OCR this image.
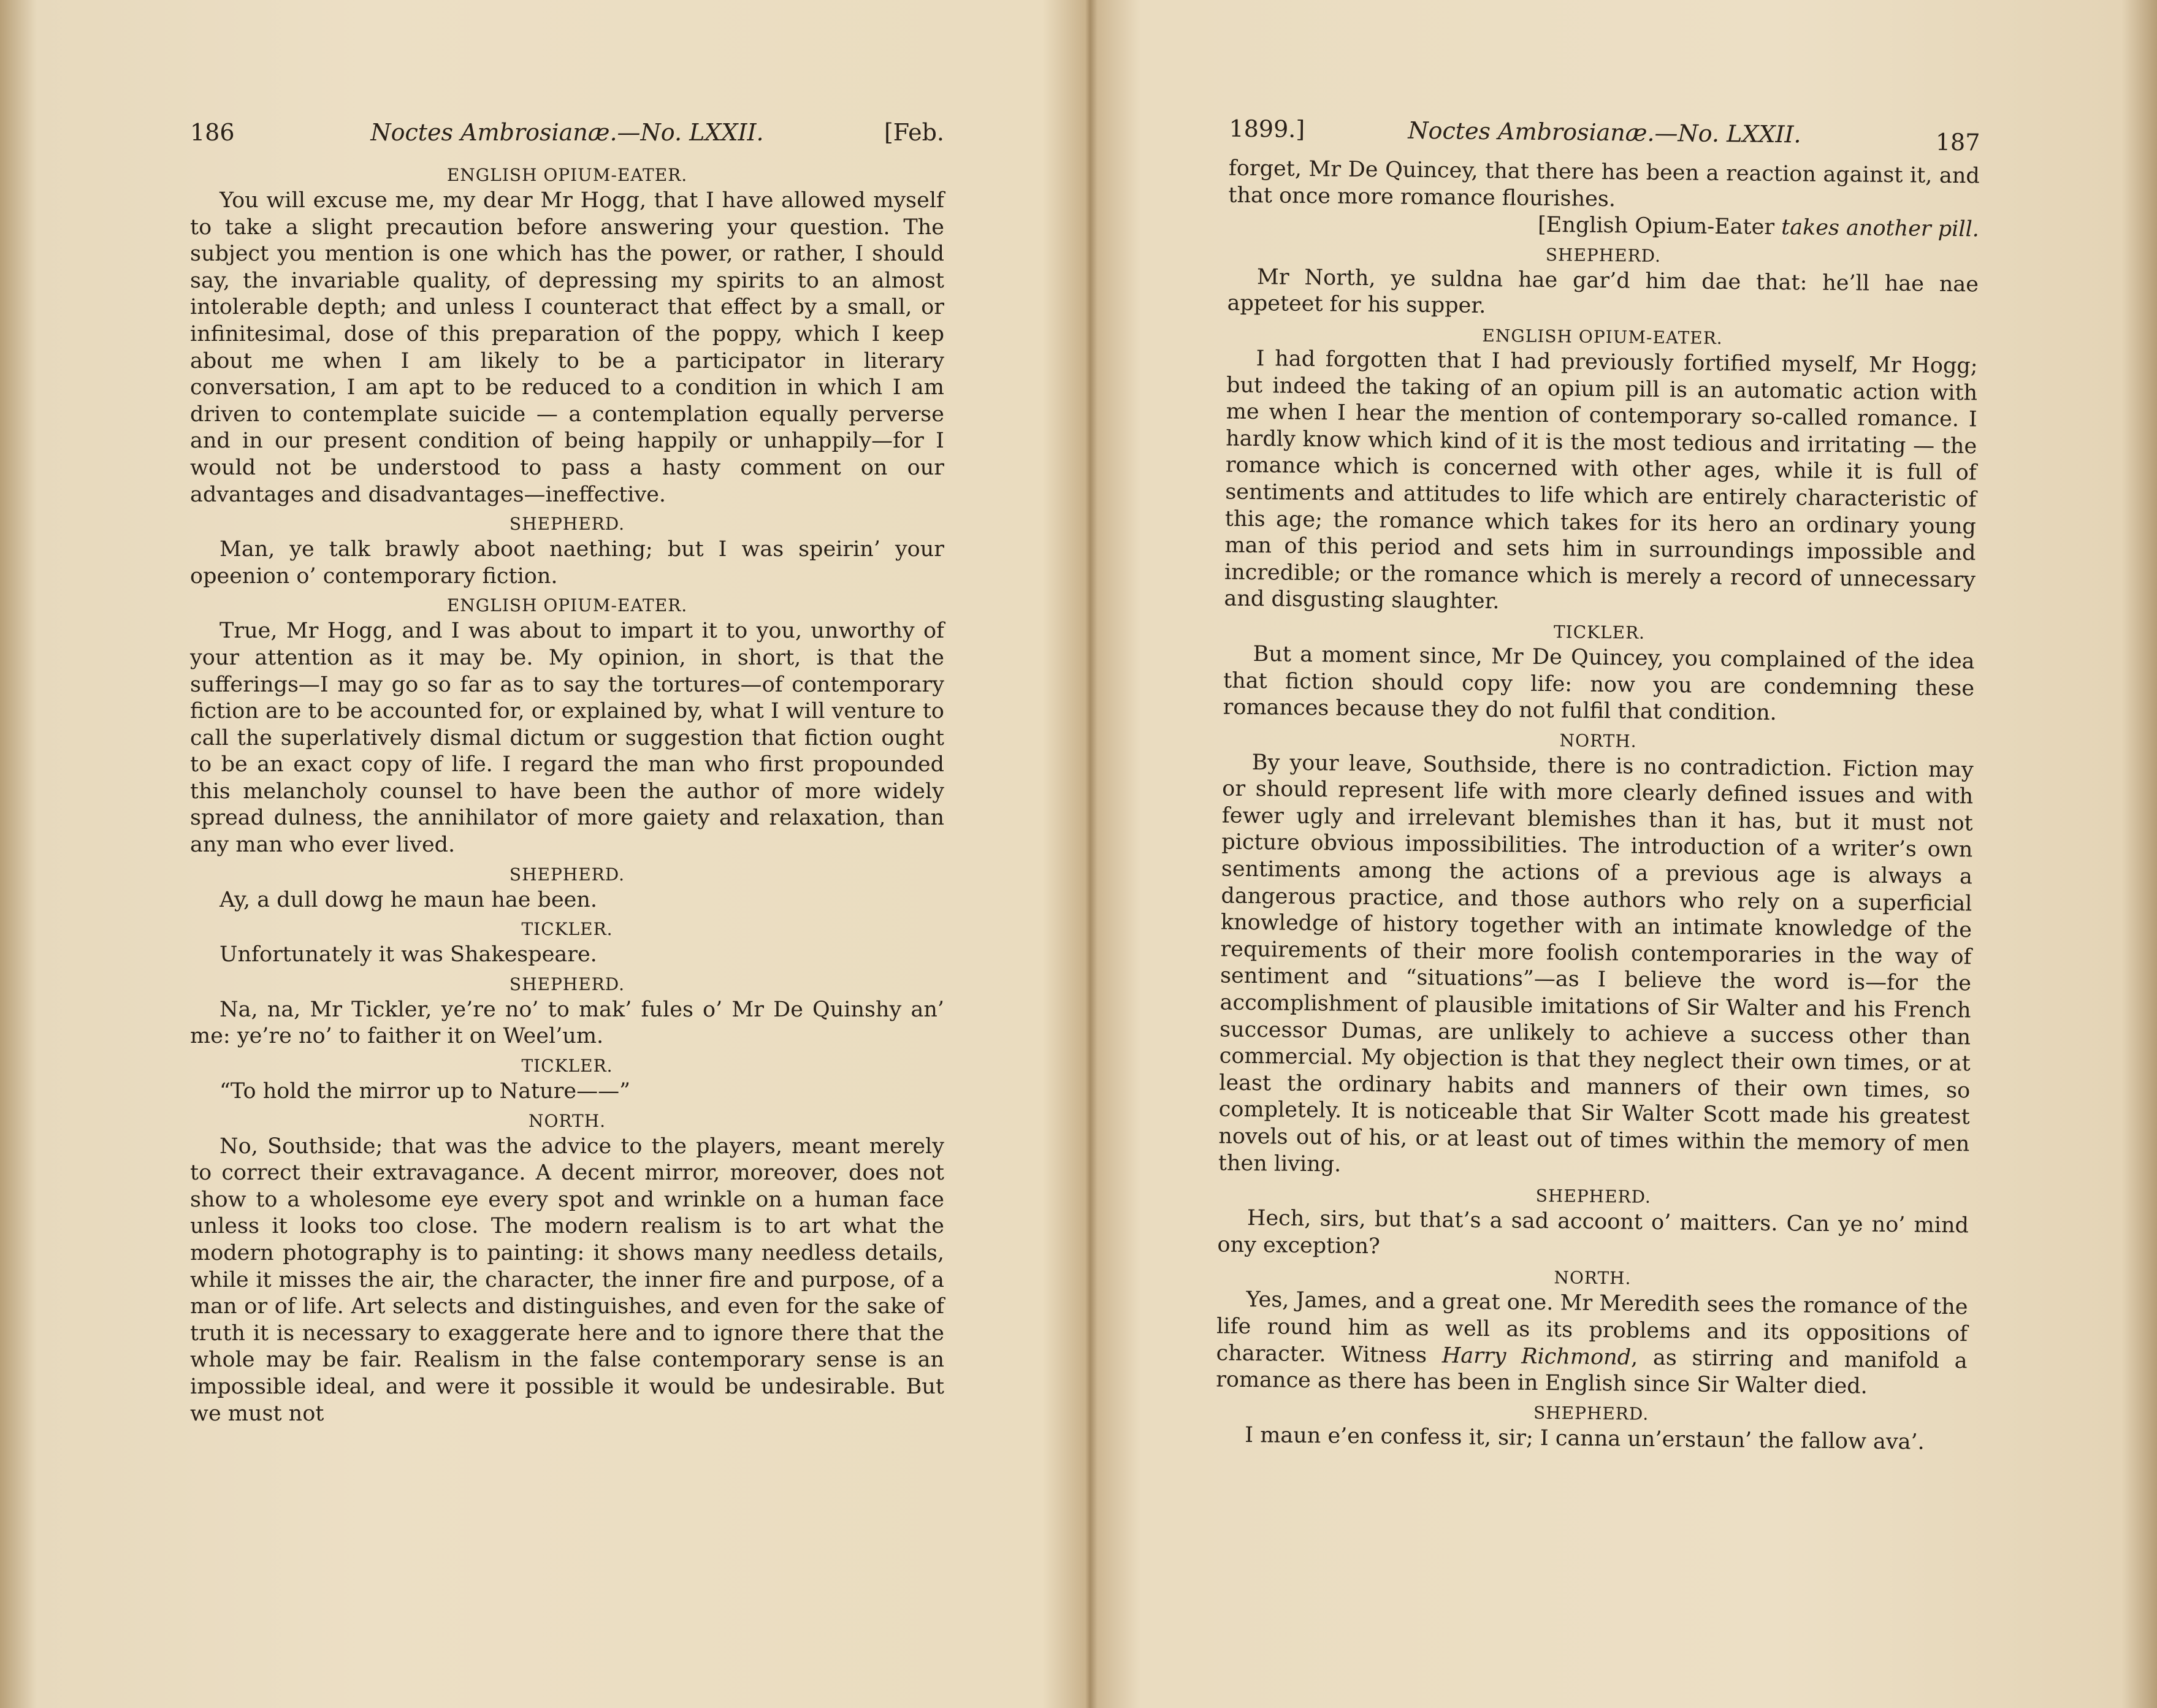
186	Noctes Ambrosianæ.—No. LXXII.	[Feb.
ENGLISH OPIUM-EATER.

You will excuse me, my dear Mr Hogg, that I have allowed myself to take a slight precaution before answering your question. The subject you mention is one which has the power, or rather, I should say, the invariable quality, of depressing my spirits to an almost intolerable depth; and unless I counteract that effect by a small, or infinitesimal, dose of this preparation of the poppy, which I keep about me when I am likely to be a participator in literary conversation, I am apt to be reduced to a condition in which I am driven to contemplate suicide — a contemplation equally perverse and in our present condition of being happily or unhappily—for I would not be understood to pass a hasty comment on our advantages and disadvantages—ineffective.

SHEPHERD.

Man, ye talk brawly aboot naething; but I was speirin’ your opeenion o’ contemporary fiction.

ENGLISH OPIUM-EATER.

True, Mr Hogg, and I was about to impart it to you, unworthy of your attention as it may be. My opinion, in short, is that the sufferings—I may go so far as to say the tortures—of contemporary fiction are to be accounted for, or explained by, what I will venture to call the superlatively dismal dictum or suggestion that fiction ought to be an exact copy of life. I regard the man who first propounded this melancholy counsel to have been the author of more widely spread dulness, the annihilator of more gaiety and relaxation, than any man who ever lived.

SHEPHERD.

Ay, a dull dowg he maun hae been.

TICKLER.

Unfortunately it was Shakespeare.

SHEPHERD.

Na, na, Mr Tickler, ye’re no’ to mak’ fules o’ Mr De Quinshy an’ me: ye’re no’ to faither it on Weel’um.

TICKLER.

“To hold the mirror up to Nature——”

NORTH.

No, Southside; that was the advice to the players, meant merely to correct their extravagance. A decent mirror, moreover, does not show to a wholesome eye every spot and wrinkle on a human face unless it looks too close. The modern realism is to art what the modern photography is to painting: it shows many needless details, while it misses the air, the character, the inner fire and purpose, of a man or of life. Art selects and distinguishes, and even for the sake of truth it is necessary to exaggerate here and to ignore there that the whole may be fair. Realism in the false contemporary sense is an impossible ideal, and were it possible it would be undesirable. But we must not

1899.]	Noctes Ambrosianæ.—No. LXXII.	187

forget, Mr De Quincey, that there has been a reaction against it, and that once more romance flourishes.

[English Opium-Eater takes another pill.

SHEPHERD.

Mr North, ye suldna hae gar’d him dae that: he’ll hae nae appeteet for his supper.

ENGLISH OPIUM-EATER.

I had forgotten that I had previously fortified myself, Mr Hogg; but indeed the taking of an opium pill is an automatic action with me when I hear the mention of contemporary so-called romance. I hardly know which kind of it is the most tedious and irritating — the romance which is concerned with other ages, while it is full of sentiments and attitudes to life which are entirely characteristic of this age; the romance which takes for its hero an ordinary young man of this period and sets him in surroundings impossible and incredible; or the romance which is merely a record of unnecessary and disgusting slaughter.

TICKLER.

But a moment since, Mr De Quincey, you complained of the idea that fiction should copy life: now you are condemning these romances because they do not fulfil that condition.

NORTH.

By your leave, Southside, there is no contradiction. Fiction may or should represent life with more clearly defined issues and with fewer ugly and irrelevant blemishes than it has, but it must not picture obvious impossibilities. The introduction of a writer’s own sentiments among the actions of a previous age is always a dangerous practice, and those authors who rely on a superficial knowledge of history together with an intimate knowledge of the requirements of their more foolish contemporaries in the way of sentiment and “situations”—as I believe the word is—for the accomplishment of plausible imitations of Sir Walter and his French successor Dumas, are unlikely to achieve a success other than commercial. My objection is that they neglect their own times, or at least the ordinary habits and manners of their own times, so completely. It is noticeable that Sir Walter Scott made his greatest novels out of his, or at least out of times within the memory of men then living.

SHEPHERD.

Hech, sirs, but that’s a sad accoont o’ maitters. Can ye no’ mind ony exception?

NORTH.

Yes, James, and a great one. Mr Meredith sees the romance of the life round him as well as its problems and its oppositions of character. Witness Harry Richmond, as stirring and manifold a romance as there has been in English since Sir Walter died.

SHEPHERD.

I maun e’en confess it, sir; I canna un’erstaun’ the fallow ava’.
